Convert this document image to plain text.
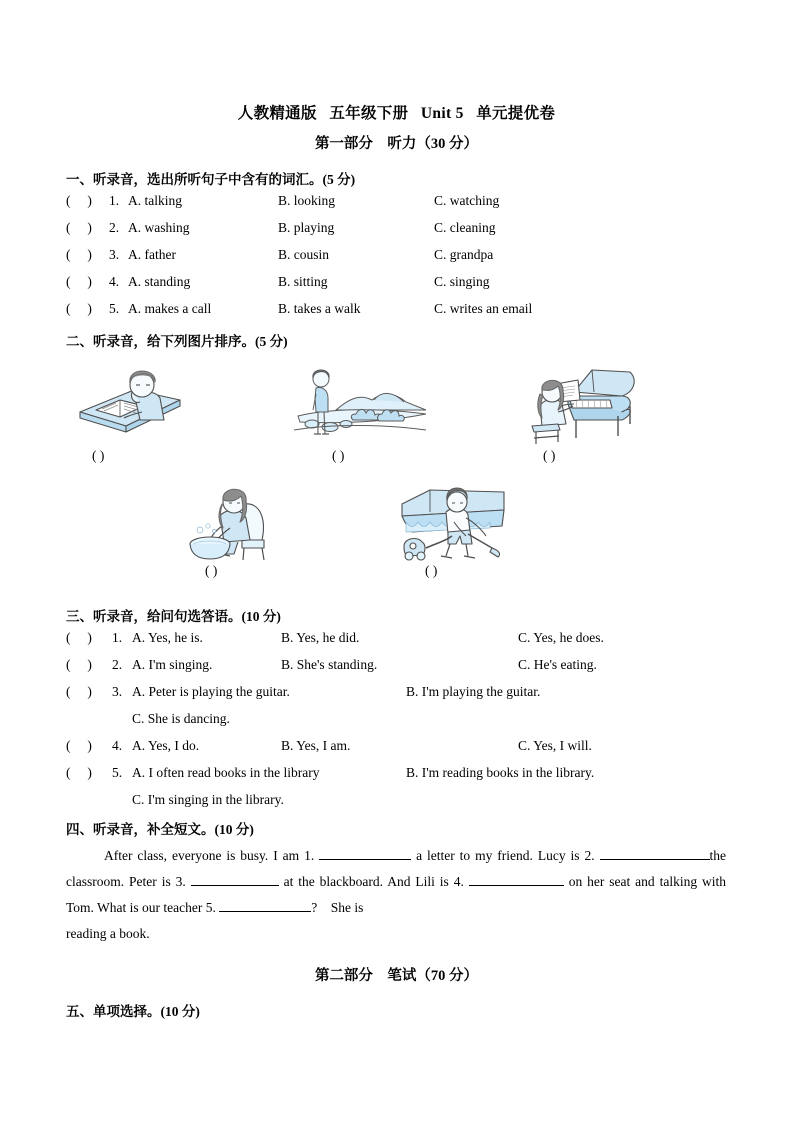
人教精通版 五年级下册 Unit 5 单元提优卷
第一部分　听力（30 分）
一、听录音，选出所听句子中含有的词汇。(5 分)
(     ) 1. A. talking	B. looking	C. watching
(     ) 2. A. washing	B. playing	C. cleaning
(     ) 3. A. father	B. cousin	C. grandpa
(     ) 4. A. standing	B. sitting	C. singing
(     ) 5. A. makes a call	B. takes a walk	C. writes an email
二、听录音，给下列图片排序。(5 分)
( )	( )	( )
( )	( )
三、听录音，给问句选答语。(10 分)
(     ) 1. A. Yes, he is.	B. Yes, he did.	C. Yes, he does.
(     ) 2. A. I'm singing.	B. She's standing.	C. He's eating.
(     ) 3. A. Peter is playing the guitar.	B. I'm playing the guitar.
C. She is dancing.
(     ) 4. A. Yes, I do.	B. Yes, I am.	C. Yes, I will.
(     ) 5. A. I often read books in the library	B. I'm reading books in the library.
C. I'm singing in the library.
四、听录音，补全短文。(10 分)

After class, everyone is busy. I am 1.	a letter to my friend. Lucy is 2.	the classroom. Peter is 3.	at the blackboard. And Lili is 4.	on her seat and talking with Tom. What is our teacher 5.	?　She is

reading a book.

第二部分　笔试（70 分）
五、单项选择。(10 分)
